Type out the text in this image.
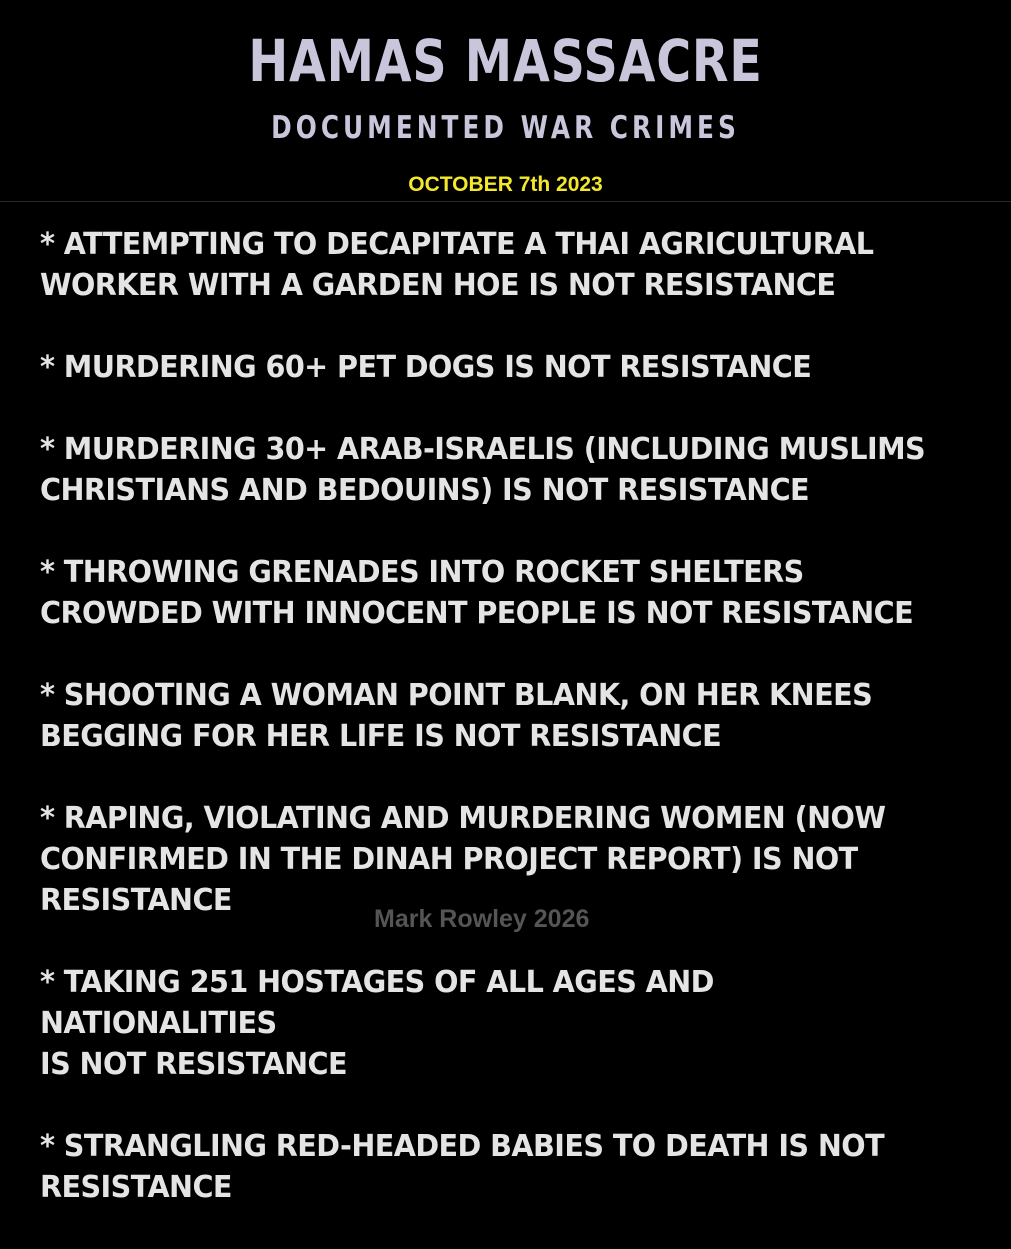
HAMAS MASSACRE
DOCUMENTED WAR CRIMES
OCTOBER 7th 2023
* ATTEMPTING TO DECAPITATE A THAI AGRICULTURAL
WORKER WITH A GARDEN HOE IS NOT RESISTANCE
* MURDERING 60+ PET DOGS IS NOT RESISTANCE
* MURDERING 30+ ARAB-ISRAELIS (INCLUDING MUSLIMS
CHRISTIANS AND BEDOUINS) IS NOT RESISTANCE
* THROWING GRENADES INTO ROCKET SHELTERS
CROWDED WITH INNOCENT PEOPLE IS NOT RESISTANCE
* SHOOTING A WOMAN POINT BLANK, ON HER KNEES
BEGGING FOR HER LIFE IS NOT RESISTANCE
* RAPING, VIOLATING AND MURDERING WOMEN (NOW
CONFIRMED IN THE DINAH PROJECT REPORT) IS NOT
RESISTANCE
* TAKING 251 HOSTAGES OF ALL AGES AND NATIONALITIES
IS NOT RESISTANCE
* STRANGLING RED-HEADED BABIES TO DEATH IS NOT
RESISTANCE
Mark Rowley 2026
